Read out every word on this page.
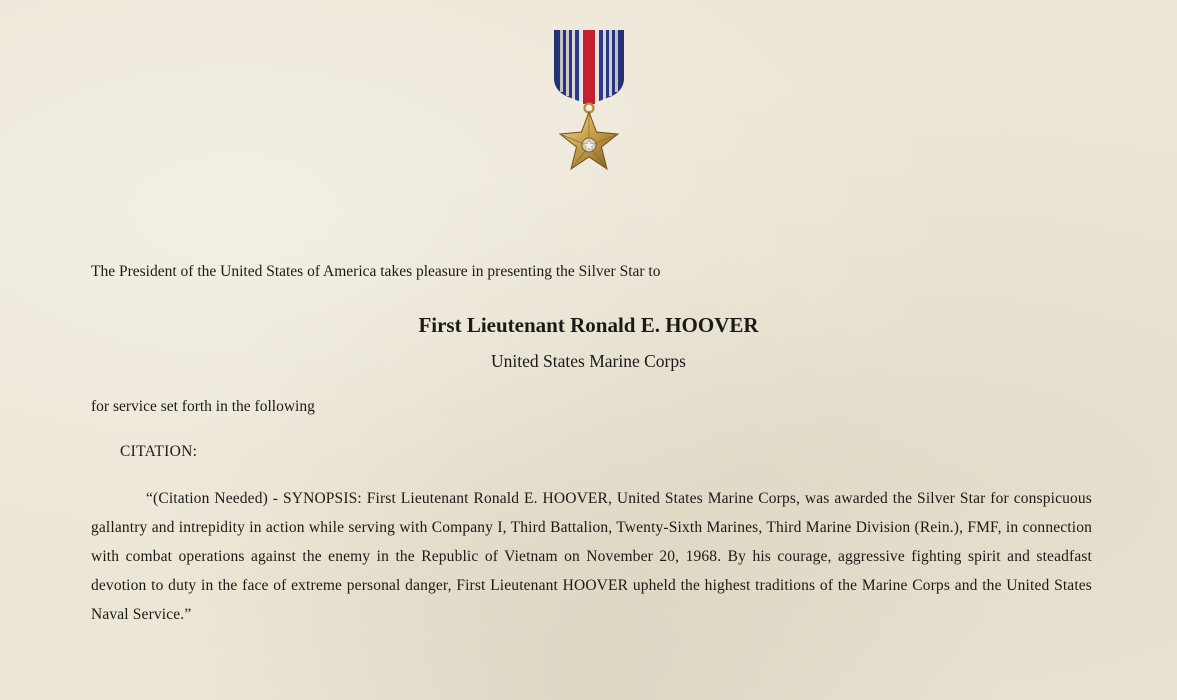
The President of the United States of America takes pleasure in presenting the Silver Star to
First Lieutenant Ronald E. HOOVER
United States Marine Corps
for service set forth in the following
CITATION:

“(Citation Needed) - SYNOPSIS: First Lieutenant Ronald E. HOOVER, United States Marine Corps, was awarded the Silver Star for conspicuous gallantry and intrepidity in action while serving with Company I, Third Battalion, Twenty-Sixth Marines, Third Marine Division (Rein.), FMF, in connection with combat operations against the enemy in the Republic of Vietnam on November 20, 1968. By his courage, aggressive fighting spirit and steadfast devotion to duty in the face of extreme personal danger, First Lieutenant HOOVER upheld the highest traditions of the Marine Corps and the United States Naval Service.”
